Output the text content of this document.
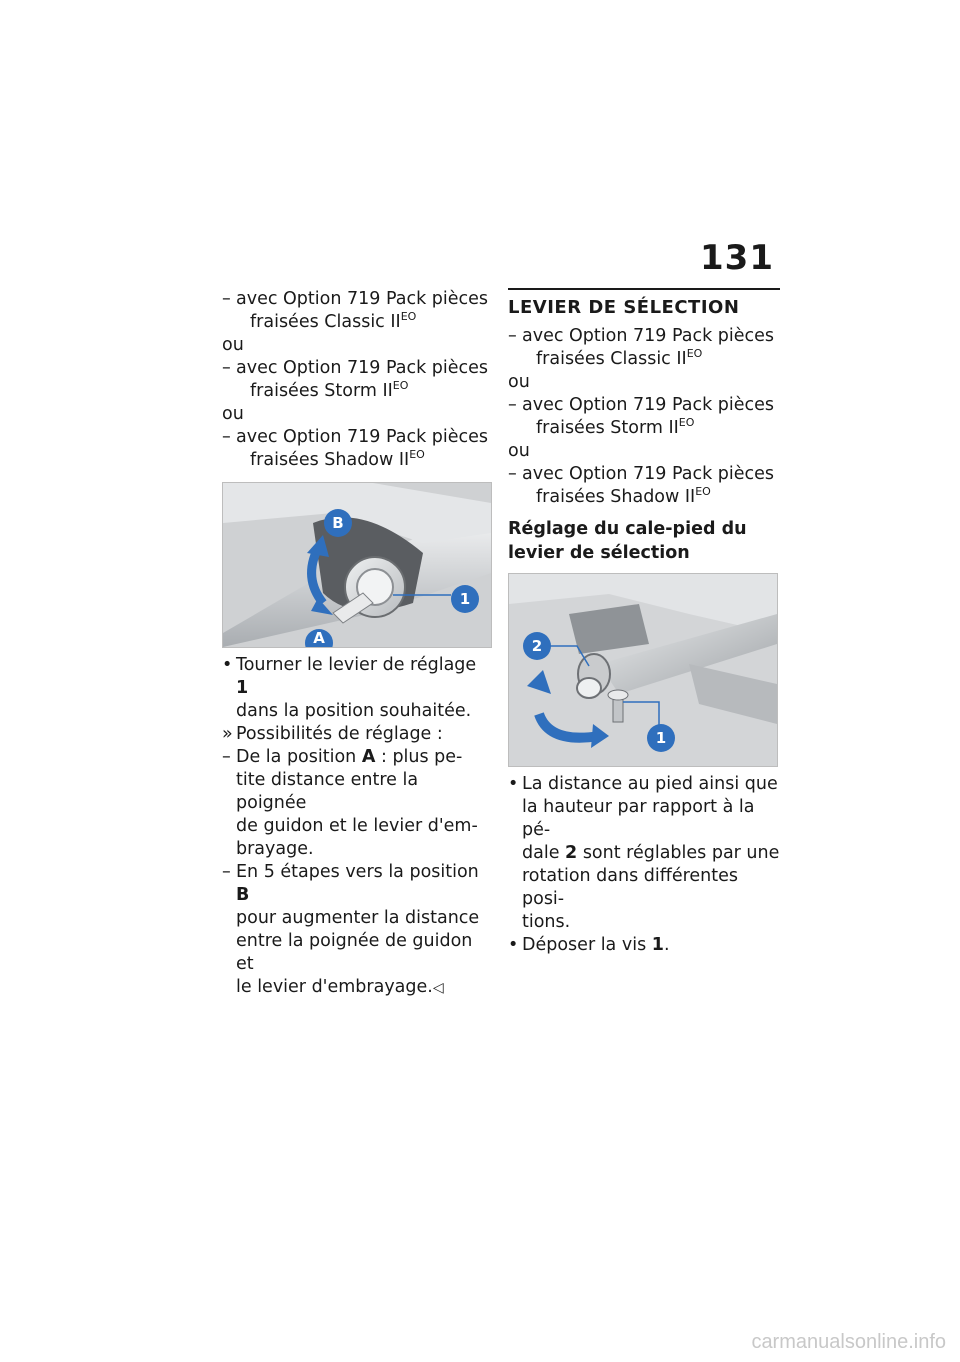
131
– avec Option 719 Pack pièces
fraisées Classic $II^{EO}$
ou
– avec Option 719 Pack pièces
fraisées Storm $II^{EO}$
ou
– avec Option 719 Pack pièces
fraisées Shadow $II^{EO}$
B
1
A
• Tourner le levier de réglage 1
dans la position souhaitée.
» Possibilités de réglage :
– De la position A : plus pe-
tite distance entre la poignée
de guidon et le levier d'em-
brayage.
– En 5 étapes vers la position B
pour augmenter la distance
entre la poignée de guidon et
le levier d'embrayage.◁
LEVIER DE SÉLECTION
– avec Option 719 Pack pièces
fraisées Classic $II^{EO}$
ou
– avec Option 719 Pack pièces
fraisées Storm $II^{EO}$
ou
– avec Option 719 Pack pièces
fraisées Shadow $II^{EO}$
Réglage du cale-pied du levier de sélection
2
1
• La distance au pied ainsi que
la hauteur par rapport à la pé-
dale 2 sont réglables par une
rotation dans différentes posi-
tions.
• Déposer la vis 1.
carmanualsonline.info
